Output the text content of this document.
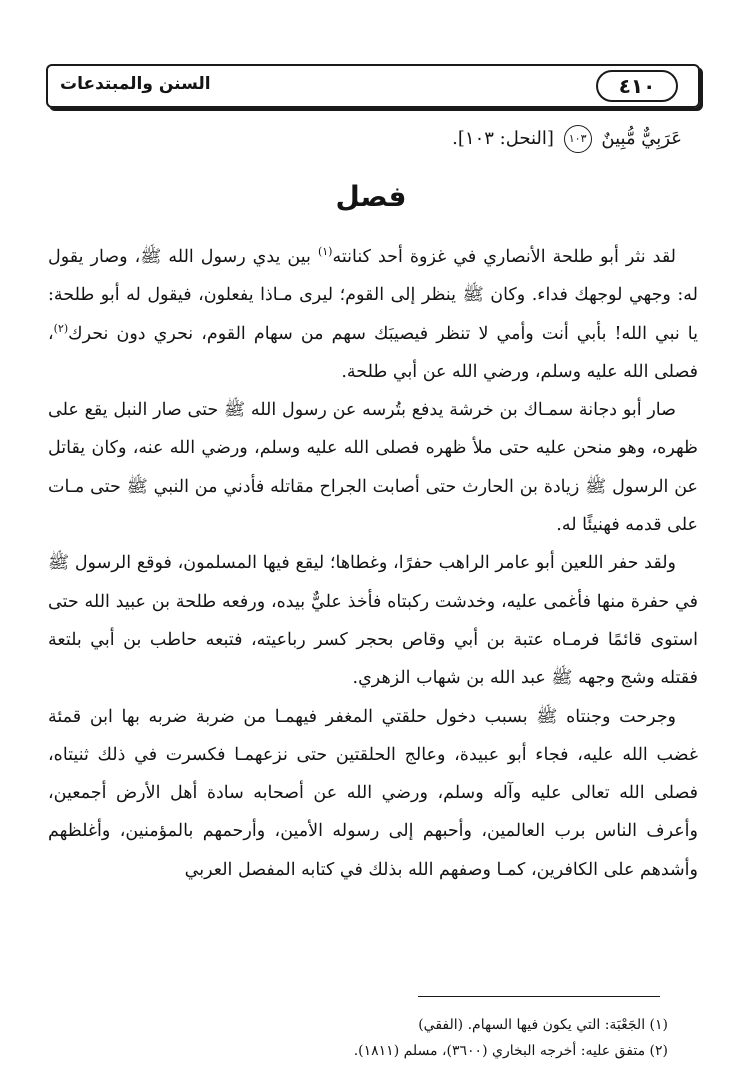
السنن والمبتدعات	٤١٠
عَرَبِيٌّ مُّبِينٌ ١٠٣ [النحل: ١٠٣].
فصل

لقد نثر أبو طلحة الأنصاري في غزوة أحد كنانته$^{(١)}$ بين يدي رسول الله ﷺ، وصار يقول له: وجهي لوجهك فداء. وكان ﷺ ينظر إلى القوم؛ ليرى مـاذا يفعلون، فيقول له أبو طلحة: يا نبي الله! بأبي أنت وأمي لا تنظر فيصيبَك سهم من سهام القوم، نحري دون نحرك$^{(٢)}$، فصلى الله عليه وسلم، ورضي الله عن أبي طلحة.

صار أبو دجانة سمـاك بن خرشة يدفع بتُرسه عن رسول الله ﷺ حتى صار النبل يقع على ظهره، وهو منحن عليه حتى ملأ ظهره فصلى الله عليه وسلم، ورضي الله عنه، وكان يقاتل عن الرسول ﷺ زيادة بن الحارث حتى أصابت الجراح مقاتله فأدني من النبي ﷺ حتى مـات على قدمه فهنيئًا له.

ولقد حفر اللعين أبو عامر الراهب حفرًا، وغطاها؛ ليقع فيها المسلمون، فوقع الرسول ﷺ في حفرة منها فأغمى عليه، وخدشت ركبتاه فأخذ عليٌّ بيده، ورفعه طلحة بن عبيد الله حتى استوى قائمًا فرمـاه عتبة بن أبي وقاص بحجر كسر رباعيته، فتبعه حاطب بن أبي بلتعة فقتله وشج وجهه ﷺ عبد الله بن شهاب الزهري.

وجرحت وجنتاه ﷺ بسبب دخول حلقتي المغفر فيهمـا من ضربة ضربه بها ابن قمئة غضب الله عليه، فجاء أبو عبيدة، وعالج الحلقتين حتى نزعهمـا فكسرت في ذلك ثنيتاه، فصلى الله تعالى عليه وآله وسلم، ورضي الله عن أصحابه سادة أهل الأرض أجمعين، وأعرف الناس برب العالمين، وأحبهم إلى رسوله الأمين، وأرحمهم بالمؤمنين، وأغلظهم وأشدهم على الكافرين، كمـا وصفهم الله بذلك في كتابه المفصل العربي

(١) الجَعْبَة: التي يكون فيها السهام. (الفقي)

(٢) متفق عليه: أخرجه البخاري (٣٦٠٠)، مسلم (١٨١١).
